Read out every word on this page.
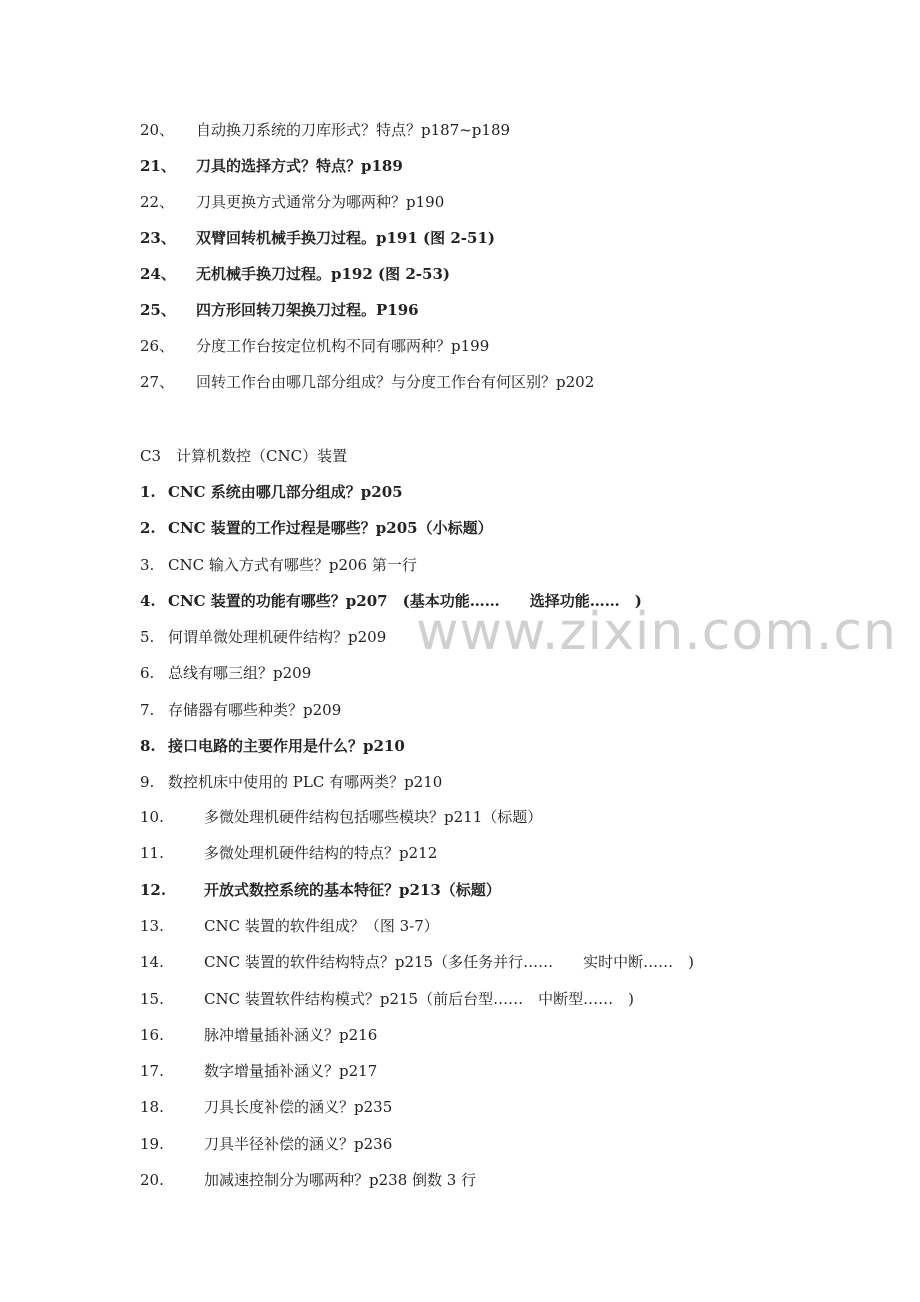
20、 自动换刀系统的刀库形式？特点？p187~p189
21、 刀具的选择方式？特点？p189
22、 刀具更换方式通常分为哪两种？p190
23、 双臂回转机械手换刀过程。p191 (图 2-51)
24、 无机械手换刀过程。p192 (图 2-53)
25、 四方形回转刀架换刀过程。P196
26、 分度工作台按定位机构不同有哪两种？p199
27、 回转工作台由哪几部分组成？与分度工作台有何区别？p202
C3　计算机数控（CNC）装置
1. CNC 系统由哪几部分组成？p205
2. CNC 装置的工作过程是哪些？p205（小标题）
3. CNC 输入方式有哪些？p206 第一行
4. CNC 装置的功能有哪些？p207　(基本功能……　　选择功能……　)
5. 何谓单微处理机硬件结构？p209
6. 总线有哪三组？p209
7. 存储器有哪些种类？p209
8. 接口电路的主要作用是什么？p210
9. 数控机床中使用的 PLC 有哪两类？p210
10.	多微处理机硬件结构包括哪些模块？p211（标题）
11.	多微处理机硬件结构的特点？p212
12.	开放式数控系统的基本特征？p213（标题）
13.	CNC 装置的软件组成？（图 3-7）
14.	CNC 装置的软件结构特点？p215（多任务并行……　　实时中断……　)
15.	CNC 装置软件结构模式？p215（前后台型……　中断型……　)
16.	脉冲增量插补涵义？p216
17.	数字增量插补涵义？p217
18.	刀具长度补偿的涵义？p235
19.	刀具半径补偿的涵义？p236
20.	加减速控制分为哪两种？p238 倒数 3 行
www.zixin.com.cn
